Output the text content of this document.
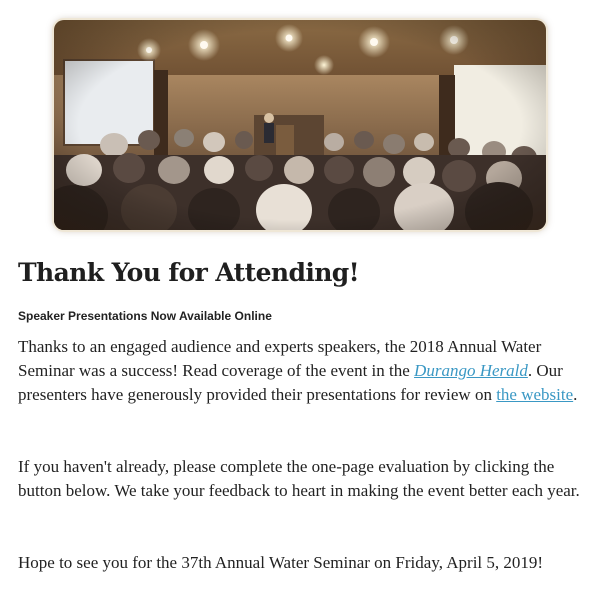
Thank You for Attending!

Speaker Presentations Now Available Online

Thanks to an engaged audience and experts speakers, the 2018 Annual Water Seminar was a success! Read coverage of the event in the Durango Herald. Our presenters have generously provided their presentations for review on the website.

If you haven't already, please complete the one-page evaluation by clicking the button below. We take your feedback to heart in making the event better each year.

Hope to see you for the 37th Annual Water Seminar on Friday, April 5, 2019!
